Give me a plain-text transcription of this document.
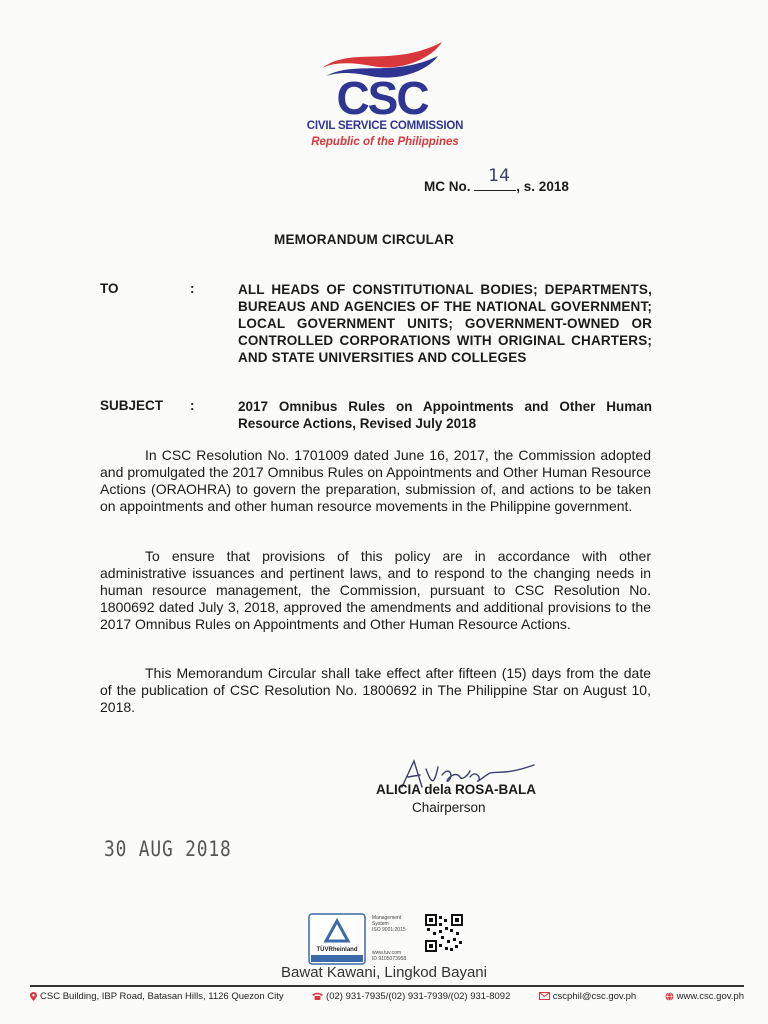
CSC
CIVIL SERVICE COMMISSION
Republic of the Philippines
MC No.
14
, s. 2018
MEMORANDUM CIRCULAR
TO	:	ALL HEADS OF CONSTITUTIONAL BODIES; DEPARTMENTS, BUREAUS AND AGENCIES OF THE NATIONAL GOVERNMENT; LOCAL GOVERNMENT UNITS; GOVERNMENT-OWNED OR CONTROLLED CORPORATIONS WITH ORIGINAL CHARTERS; AND STATE UNIVERSITIES AND COLLEGES
SUBJECT :	2017 Omnibus Rules on Appointments and Other Human Resource Actions, Revised July 2018
In CSC Resolution No. 1701009 dated June 16, 2017, the Commission adopted and promulgated the 2017 Omnibus Rules on Appointments and Other Human Resource Actions (ORAOHRA) to govern the preparation, submission of, and actions to be taken on appointments and other human resource movements in the Philippine government.
To ensure that provisions of this policy are in accordance with other administrative issuances and pertinent laws, and to respond to the changing needs in human resource management, the Commission, pursuant to CSC Resolution No. 1800692 dated July 3, 2018, approved the amendments and additional provisions to the 2017 Omnibus Rules on Appointments and Other Human Resource Actions.
This Memorandum Circular shall take effect after fifteen (15) days from the date of the publication of CSC Resolution No. 1800692 in The Philippine Star on August 10, 2018.
ALICIA dela ROSA-BALA
Chairperson
30 AUG 2018
TÜVRheinland
Management
System
ISO 9001:2015
www.tuv.com
ID 9105073958
Bawat Kawani, Lingkod Bayani
CSC Building, IBP Road, Batasan Hills, 1126 Quezon City	(02) 931-7935/(02) 931-7939/(02) 931-8092	cscphil@csc.gov.ph	www.csc.gov.ph
